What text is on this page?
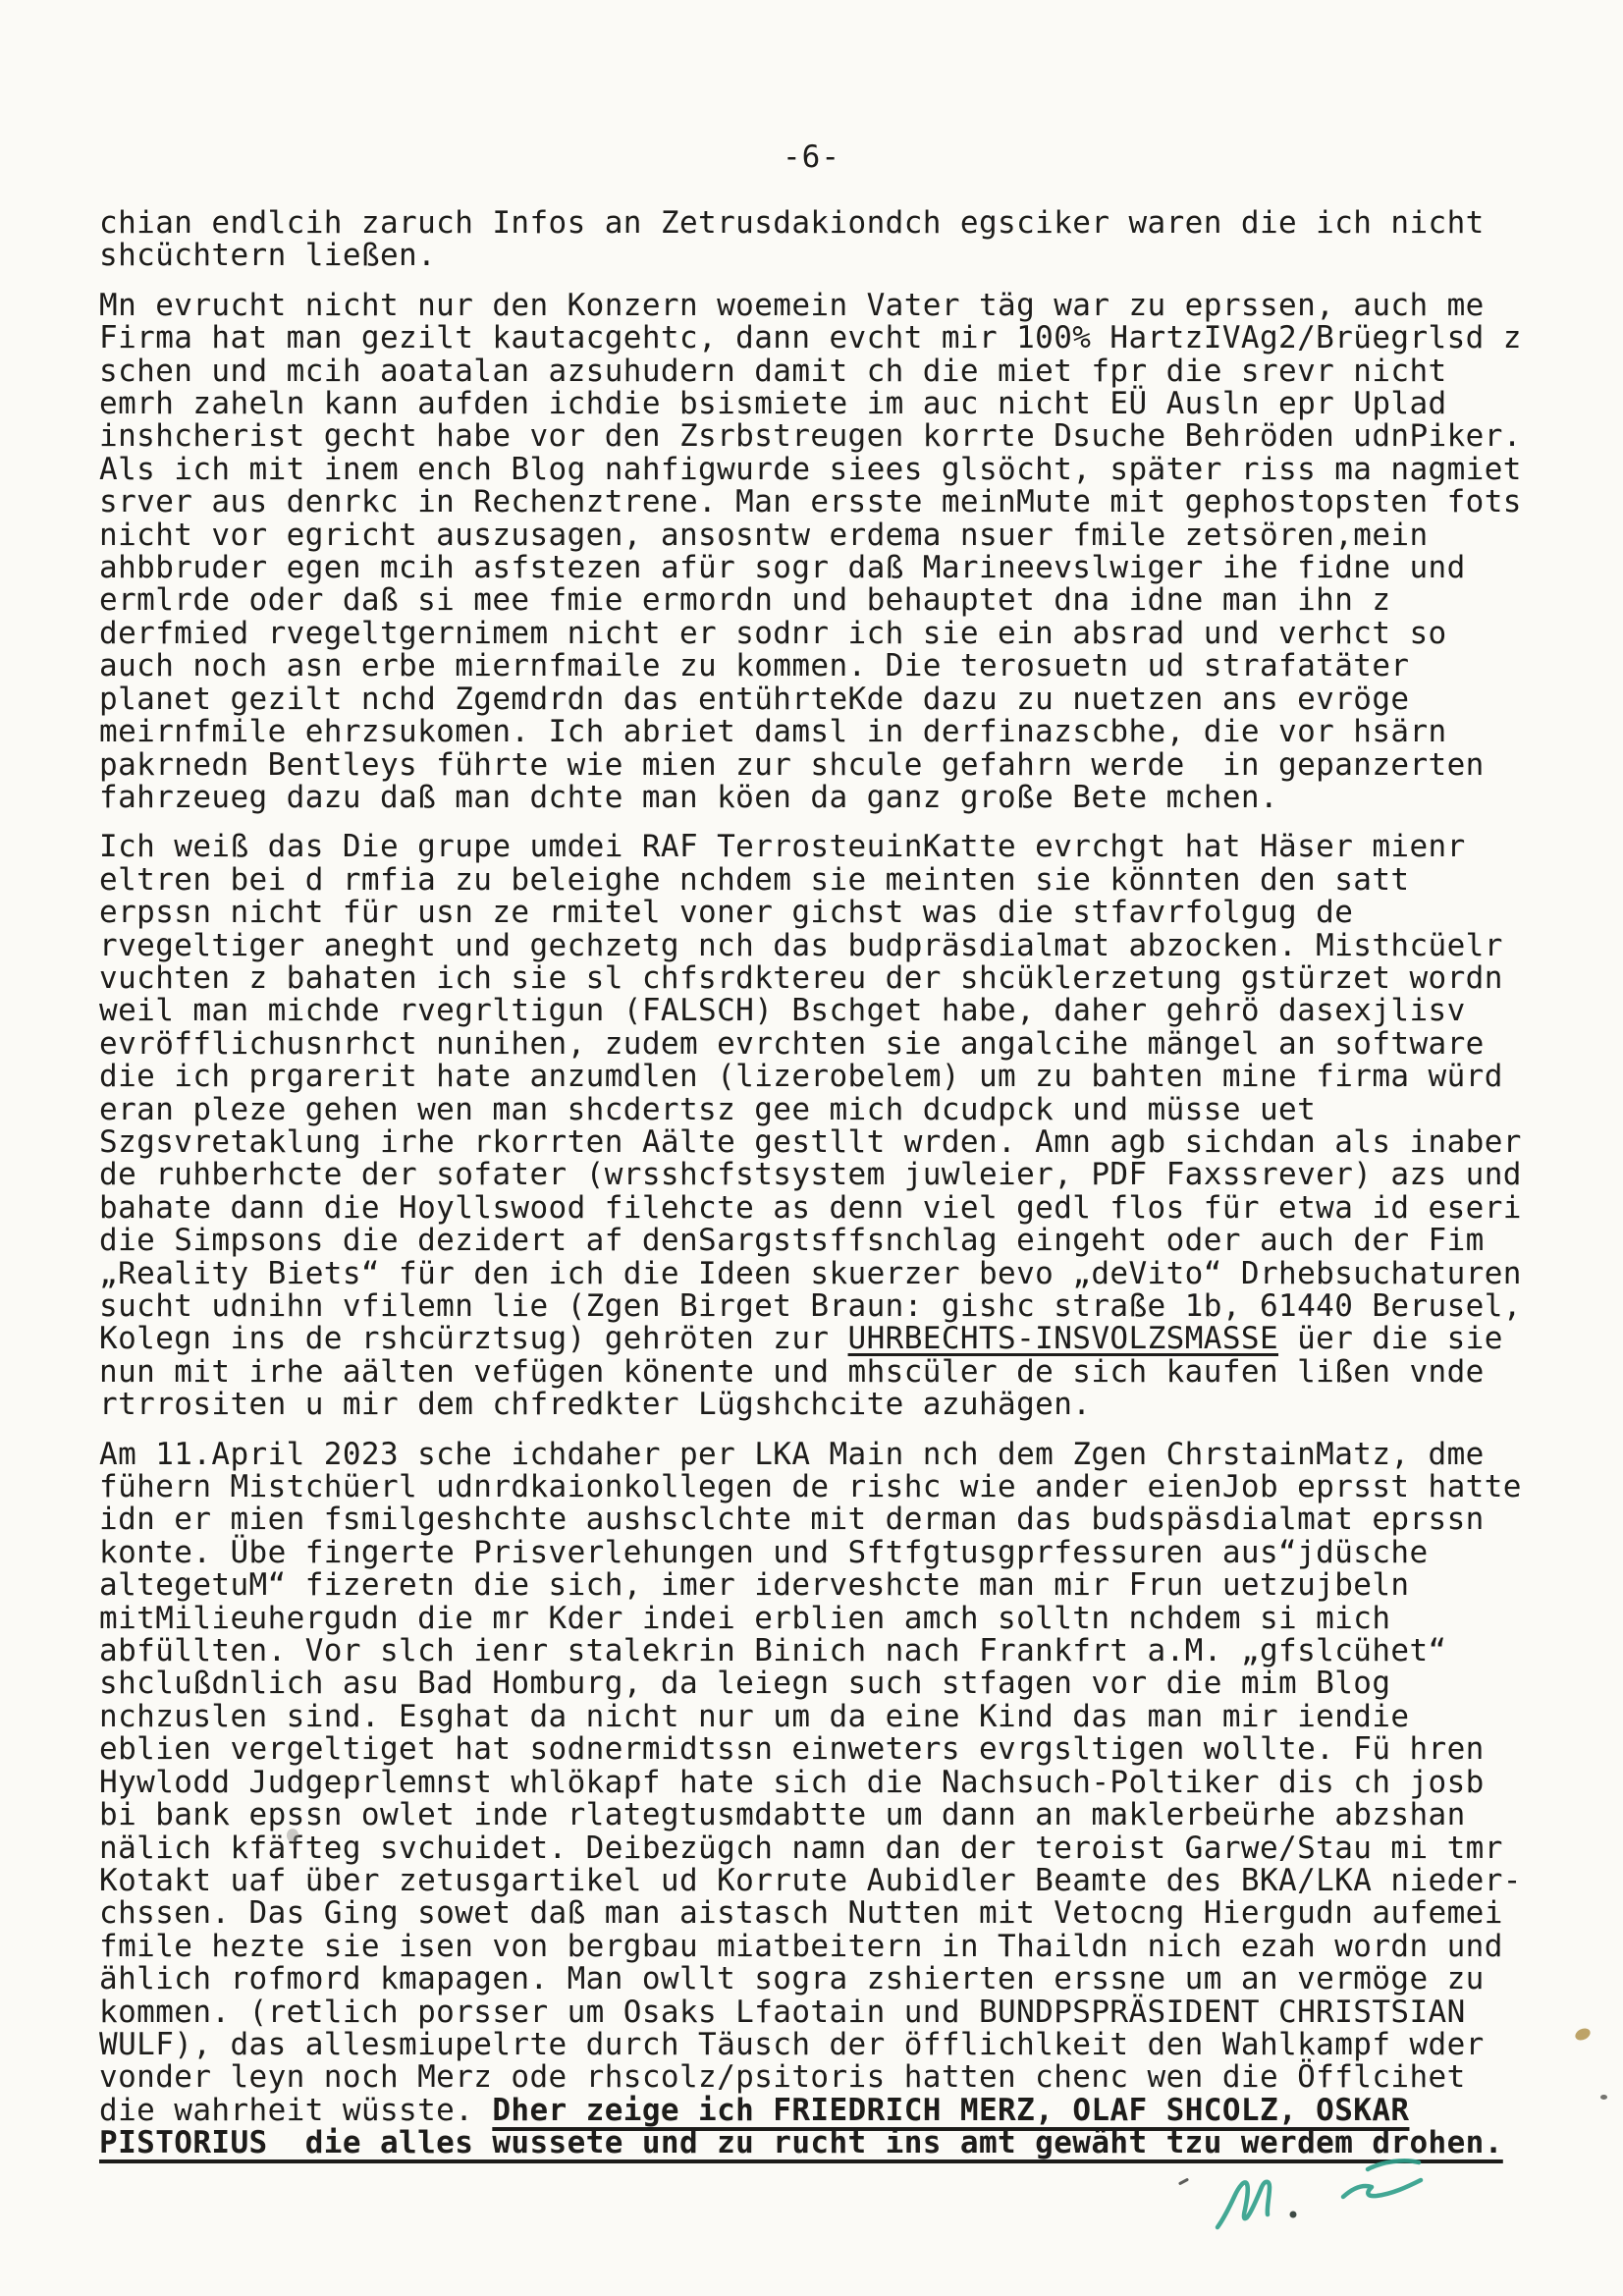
-6-
chian endlcih zaruch Infos an Zetrusdakiondch egsciker waren die ich nicht
shcüchtern ließen.
Mn evrucht nicht nur den Konzern woemein Vater täg war zu eprssen, auch me
Firma hat man gezilt kautacgehtc, dann evcht mir 100% HartzIVAg2/Brüegrlsd z
schen und mcih aoatalan azsuhudern damit ch die miet fpr die srevr nicht
emrh zaheln kann aufden ichdie bsismiete im auc nicht EÜ Ausln epr Uplad
inshcherist gecht habe vor den Zsrbstreugen korrte Dsuche Behröden udnPiker.
Als ich mit inem ench Blog nahfigwurde siees glsöcht, später riss ma nagmiet
srver aus denrkc in Rechenztrene. Man ersste meinMute mit gephostopsten fots
nicht vor egricht auszusagen, ansosntw erdema nsuer fmile zetsören,mein
ahbbruder egen mcih asfstezen afür sogr daß Marineevslwiger ihe fidne und
ermlrde oder daß si mee fmie ermordn und behauptet dna idne man ihn z
derfmied rvegeltgernimem nicht er sodnr ich sie ein absrad und verhct so
auch noch asn erbe miernfmaile zu kommen. Die terosuetn ud strafatäter
planet gezilt nchd Zgemdrdn das entührteKde dazu zu nuetzen ans evröge
meirnfmile ehrzsukomen. Ich abriet damsl in derfinazscbhe, die vor hsärn
pakrnedn Bentleys führte wie mien zur shcule gefahrn werde  in gepanzerten
fahrzeueg dazu daß man dchte man köen da ganz große Bete mchen.
Ich weiß das Die grupe umdei RAF TerrosteuinKatte evrchgt hat Häser mienr
eltren bei d rmfia zu beleighe nchdem sie meinten sie könnten den satt
erpssn nicht für usn ze rmitel voner gichst was die stfavrfolgug de
rvegeltiger aneght und gechzetg nch das budpräsdialmat abzocken. Misthcüelr
vuchten z bahaten ich sie sl chfsrdktereu der shcüklerzetung gstürzet wordn
weil man michde rvegrltigun (FALSCH) Bschget habe, daher gehrö dasexjlisv
evröfflichusnrhct nunihen, zudem evrchten sie angalcihe mängel an software
die ich prgarerit hate anzumdlen (lizerobelem) um zu bahten mine firma würd
eran pleze gehen wen man shcdertsz gee mich dcudpck und müsse uet
Szgsvretaklung irhe rkorrten Aälte gestllt wrden. Amn agb sichdan als inaber
de ruhberhcte der sofater (wrsshcfstsystem juwleier, PDF Faxssrever) azs und
bahate dann die Hoyllswood filehcte as denn viel gedl flos für etwa id eseri
die Simpsons die dezidert af denSargstsffsnchlag eingeht oder auch der Fim
„Reality Biets“ für den ich die Ideen skuerzer bevo „deVito“ Drhebsuchaturen
sucht udnihn vfilemn lie (Zgen Birget Braun: gishc straße 1b, 61440 Berusel,
Kolegn ins de rshcürztsug) gehröten zur UHRBECHTS-INSVOLZSMASSE üer die sie
nun mit irhe aälten vefügen könente und mhscüler de sich kaufen lißen vnde
rtrrositen u mir dem chfredkter Lügshchcite azuhägen.
Am 11.April 2023 sche ichdaher per LKA Main nch dem Zgen ChrstainMatz, dme
fühern Mistchüerl udnrdkaionkollegen de rishc wie ander eienJob eprsst hatte
idn er mien fsmilgeshchte aushsclchte mit derman das budspäsdialmat eprssn
konte. Übe fingerte Prisverlehungen und Sftfgtusgprfessuren aus“jdüsche
altegetuM“ fizeretn die sich, imer iderveshcte man mir Frun uetzujbeln
mitMilieuhergudn die mr Kder indei erblien amch solltn nchdem si mich
abfüllten. Vor slch ienr stalekrin Binich nach Frankfrt a.M. „gfslcühet“
shclußdnlich asu Bad Homburg, da leiegn such stfagen vor die mim Blog
nchzuslen sind. Esghat da nicht nur um da eine Kind das man mir iendie
eblien vergeltiget hat sodnermidtssn einweters evrgsltigen wollte. Fü hren
Hywlodd Judgeprlemnst whlökapf hate sich die Nachsuch-Poltiker dis ch josb
bi bank epssn owlet inde rlategtusmdabtte um dann an maklerbeürhe abzshan
nälich kfäfteg svchuidet. Deibezügch namn dan der teroist Garwe/Stau mi tmr
Kotakt uaf über zetusgartikel ud Korrute Aubidler Beamte des BKA/LKA nieder-
chssen. Das Ging sowet daß man aistasch Nutten mit Vetocng Hiergudn aufemei
fmile hezte sie isen von bergbau miatbeitern in Thaildn nich ezah wordn und
ählich rofmord kmapagen. Man owllt sogra zshierten erssne um an vermöge zu
kommen. (retlich porsser um Osaks Lfaotain und BUNDPSPRÄSIDENT CHRISTSIAN
WULF), das allesmiupelrte durch Täusch der öfflichlkeit den Wahlkampf wder
vonder leyn noch Merz ode rhscolz/psitoris hatten chenc wen die Öfflcihet
die wahrheit wüsste. Dher zeige ich FRIEDRICH MERZ, OLAF SHCOLZ, OSKAR
PISTORIUS  die alles wussete und zu rucht ins amt gewäht tzu werdem drohen.
